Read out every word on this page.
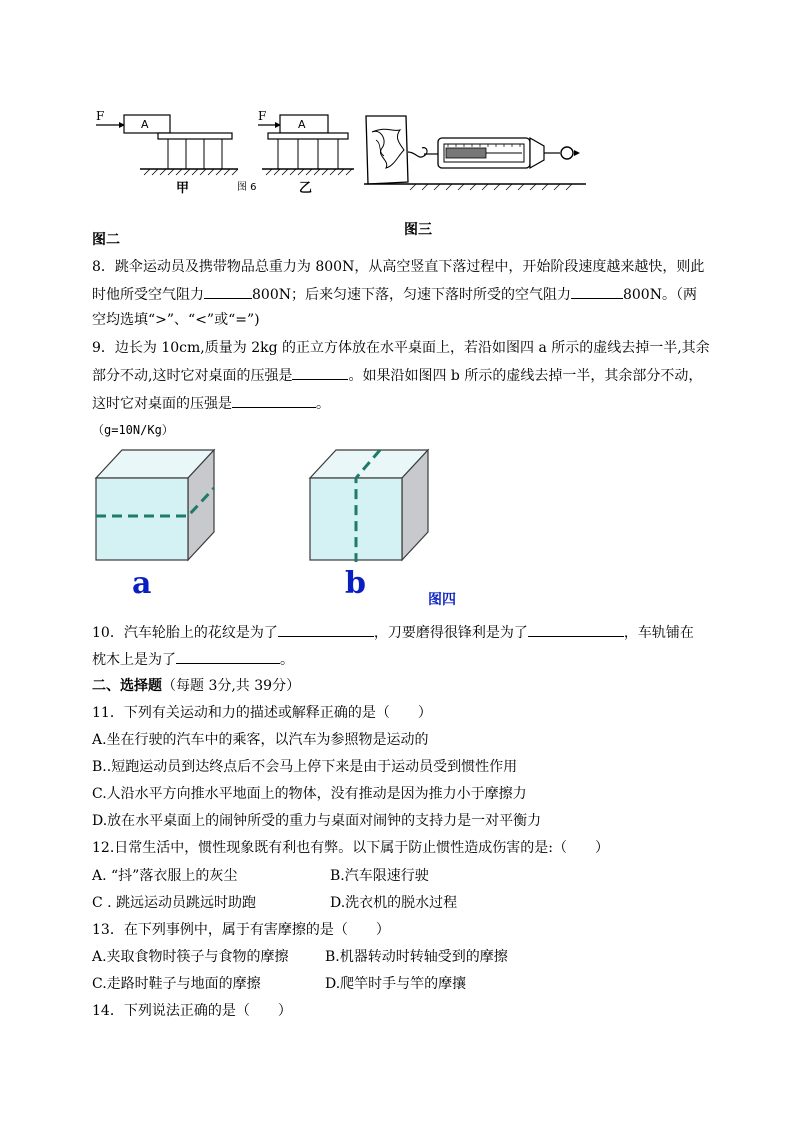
F
A
甲	图 6
F
A
乙
图二
图三
8．跳伞运动员及携带物品总重力为 800N，从高空竖直下落过程中，开始阶段速度越来越快，则此
时他所受空气阻力	800N；后来匀速下落，匀速下落时所受的空气阻力	800N。（两
空均选填“>”、“<”或“=”)
9．边长为 10cm,质量为 2kg 的正立方体放在水平桌面上，若沿如图四 a 所示的虚线去掉一半,其余
部分不动,这时它对桌面的压强是	。如果沿如图四 b 所示的虚线去掉一半，其余部分不动，
这时它对桌面的压强是	。
（g=10N/Kg）
a	b	图四
10．汽车轮胎上的花纹是为了	，刀要磨得很锋利是为了	，车轨铺在
枕木上是为了	。
二、选择题（每题 3分,共 39分）
11．下列有关运动和力的描述或解释正确的是（　　）
A.坐在行驶的汽车中的乘客，以汽车为参照物是运动的
B..短跑运动员到达终点后不会马上停下来是由于运动员受到惯性作用
C.人沿水平方向推水平地面上的物体，没有推动是因为推力小于摩擦力
D.放在水平桌面上的闹钟所受的重力与桌面对闹钟的支持力是一对平衡力
12.日常生活中，惯性现象既有利也有弊。以下属于防止惯性造成伤害的是:（　　）
A. “抖”落衣服上的灰尘	B.汽车限速行驶
C . 跳远运动员跳远时助跑	D.洗衣机的脱水过程
13．在下列事例中，属于有害摩擦的是（　　）
A.夹取食物时筷子与食物的摩擦	B.机器转动时转轴受到的摩擦
C.走路时鞋子与地面的摩擦	D.爬竿时手与竿的摩攘
14．下列说法正确的是（　　）
